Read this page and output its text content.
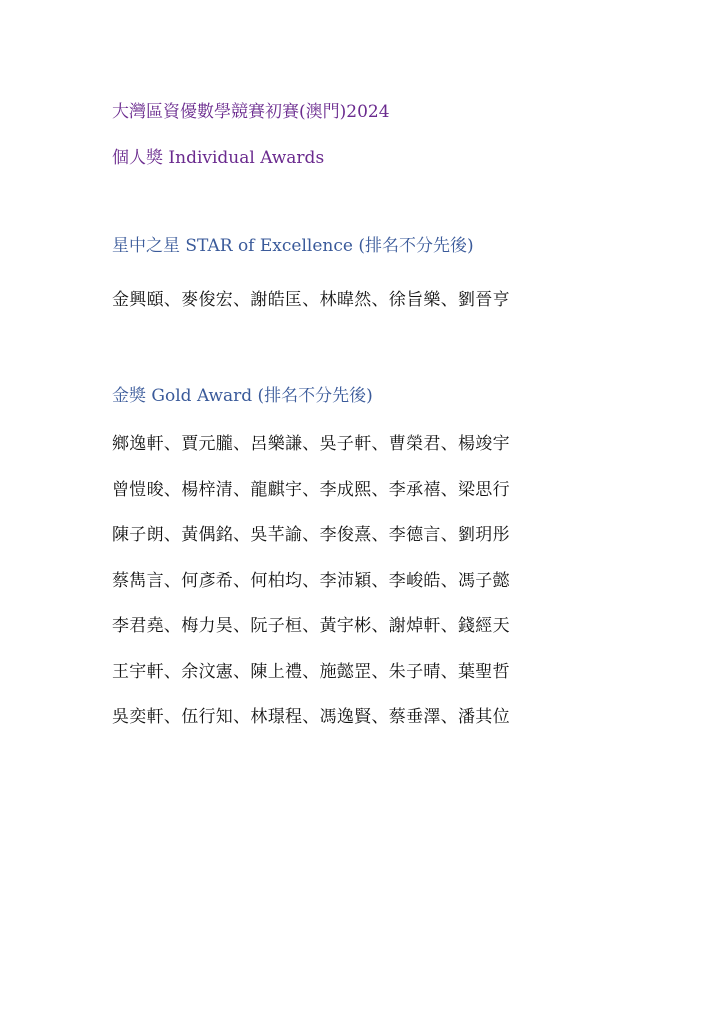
大灣區資優數學競賽初賽(澳門)2024
個人獎 Individual Awards
星中之星 STAR of Excellence (排名不分先後)
金興頤、麥俊宏、謝皓匡、林暐然、徐旨樂、劉晉亨
金獎 Gold Award (排名不分先後)
鄉逸軒、賈元朧、呂樂謙、吳子軒、曹榮君、楊竣宇
曾愷晙、楊梓清、龍麒宇、李成熙、李承禧、梁思行
陳子朗、黃偶銘、吳芊諭、李俊熹、李德言、劉玥彤
蔡雋言、何彥希、何柏均、李沛穎、李峻皓、馮子懿
李君堯、梅力昊、阮子桓、黃宇彬、謝焯軒、錢經天
王宇軒、余汶憲、陳上禮、施懿罡、朱子晴、葉聖哲
吳奕軒、伍行知、林璟程、馮逸賢、蔡垂澤、潘其位
